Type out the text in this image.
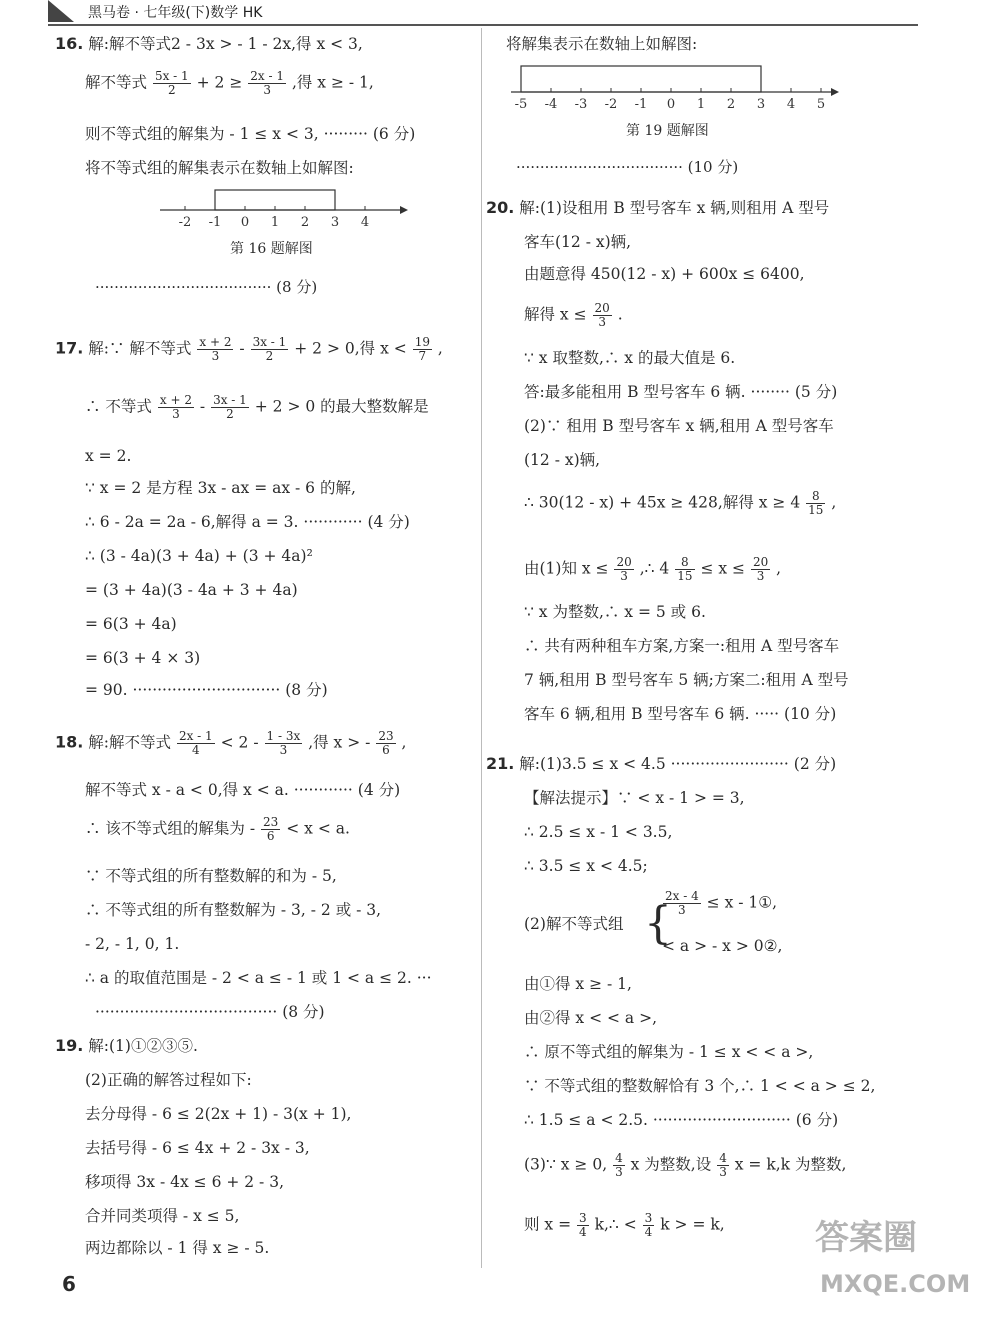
黑马卷 · 七年级(下)数学 HK
16. 解:解不等式2 - 3x > - 1 - 2x,得 x < 3,
解不等式 $\frac{5x - 1}{2} + 2 \ge \frac{2x - 1}{3}$ ,得 x ≥ - 1,
则不等式组的解集为 - 1 ≤ x < 3, ········· (6 分)
将不等式组的解集表示在数轴上如解图:
-2 -1 0 1 2 3 4
第 16 题解图
····································· (8 分)
17. 解:∵ 解不等式 $\frac{x + 2}{3} - \frac{3x - 1}{2} + 2 > 0$,得 $x < \frac{19}{7}$ ,
∴ 不等式 $\frac{x + 2}{3} - \frac{3x - 1}{2} + 2 > 0$ 的最大整数解是
x = 2.
∵ x = 2 是方程 3x - ax = ax - 6 的解,
∴ 6 - 2a = 2a - 6,解得 a = 3. ············ (4 分)
∴ (3 - 4a)(3 + 4a) + (3 + 4a)²
= (3 + 4a)(3 - 4a + 3 + 4a)
= 6(3 + 4a)
= 6(3 + 4 × 3)
= 90. ······························ (8 分)
18. 解:解不等式 $\frac{2x - 1}{4} < 2 - \frac{1 - 3x}{3}$ ,得 x > - $\frac{23}{6}$ ,
解不等式 x - a < 0,得 x < a. ············ (4 分)
∴ 该不等式组的解集为 - $\frac{23}{6} < x < a$.
∵ 不等式组的所有整数解的和为 - 5,
∴ 不等式组的所有整数解为 - 3, - 2 或 - 3,
- 2, - 1, 0, 1.
∴ a 的取值范围是 - 2 < a ≤ - 1 或 1 < a ≤ 2. ···
····································· (8 分)
19. 解:(1)①②③⑤.
(2)正确的解答过程如下:
去分母得 - 6 ≤ 2(2x + 1) - 3(x + 1),
去括号得 - 6 ≤ 4x + 2 - 3x - 3,
移项得 3x - 4x ≤ 6 + 2 - 3,
合并同类项得 - x ≤ 5,
两边都除以 - 1 得 x ≥ - 5.
将解集表示在数轴上如解图:
-5 -4 -3 -2 -1 0 1 2 3 4 5
第 19 题解图
··································· (10 分)
20. 解:(1)设租用 B 型号客车 x 辆,则租用 A 型号
客车(12 - x)辆,
由题意得 450(12 - x) + 600x ≤ 6400,
解得 $x \le \frac{20}{3}$ .
∵ x 取整数,∴ x 的最大值是 6.
答:最多能租用 B 型号客车 6 辆. ········ (5 分)
(2)∵ 租用 B 型号客车 x 辆,租用 A 型号客车
(12 - x)辆,
∴ 30(12 - x) + 45x ≥ 428,解得 $x \ge 4 \frac{8}{15}$ ,
由(1)知 $x \le \frac{20}{3}$ ,∴ $4 \frac{8}{15} \le x \le \frac{20}{3}$ ,
∵ x 为整数,∴ x = 5 或 6.
∴ 共有两种租车方案,方案一:租用 A 型号客车
7 辆,租用 B 型号客车 5 辆;方案二:租用 A 型号
客车 6 辆,租用 B 型号客车 6 辆. ····· (10 分)
21. 解:(1)3.5 ≤ x < 4.5 ························ (2 分)
【解法提示】∵ < x - 1 > = 3,
∴ 2.5 ≤ x - 1 < 3.5,
∴ 3.5 ≤ x < 4.5;
(2)解不等式组 {
$\frac{2x - 4}{3} \le x$ - 1①,
< a > - x > 0②,
由①得 x ≥ - 1,
由②得 x < < a >,
∴ 原不等式组的解集为 - 1 ≤ x < < a >,
∵ 不等式组的整数解恰有 3 个,∴ 1 < < a > ≤ 2,
∴ 1.5 ≤ a < 2.5. ···························· (6 分)
(3)∵ x ≥ 0, $\frac{4}{3}$ x 为整数,设 $\frac{4}{3}$ x = k,k 为整数,
则 $x = \frac{3}{4}$ k,∴ < $\frac{3}{4}$ k > = k,
6
答案圈
MXQE.COM
